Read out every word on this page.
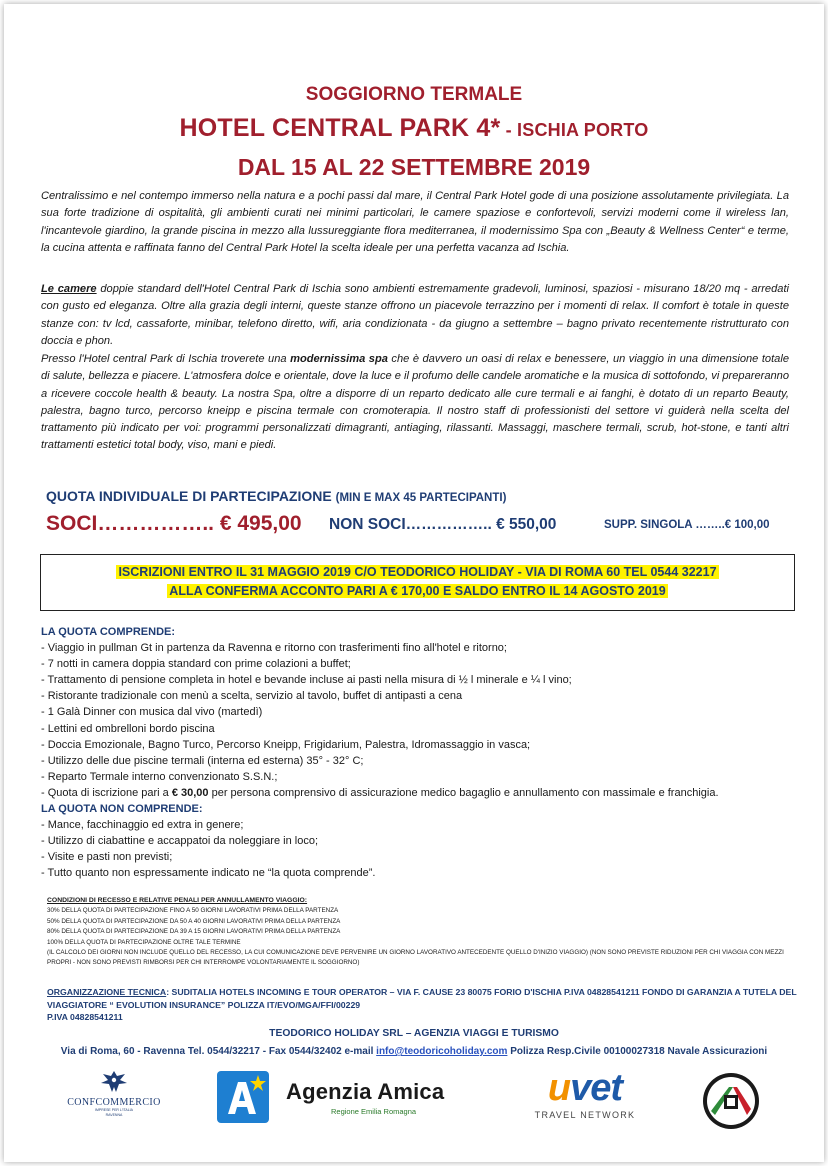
SOGGIORNO TERMALE
HOTEL CENTRAL PARK 4* - ISCHIA PORTO
DAL 15 AL 22 SETTEMBRE 2019

Centralissimo e nel contempo immerso nella natura e a pochi passi dal mare, il Central Park Hotel gode di una posizione assolutamente privilegiata. La sua forte tradizione di ospitalità, gli ambienti curati nei minimi particolari, le camere spaziose e confortevoli, servizi moderni come il wireless lan, l'incantevole giardino, la grande piscina in mezzo alla lussureggiante flora mediterranea, il modernissimo Spa con „Beauty & Wellness Center“ e terme, la cucina attenta e raffinata fanno del Central Park Hotel la scelta ideale per una perfetta vacanza ad Ischia.

Le camere doppie standard dell'Hotel Central Park di Ischia sono ambienti estremamente gradevoli, luminosi, spaziosi - misurano 18/20 mq - arredati con gusto ed eleganza. Oltre alla grazia degli interni, queste stanze offrono un piacevole terrazzino per i momenti di relax. Il comfort è totale in queste stanze con: tv lcd, cassaforte, minibar, telefono diretto, wifi, aria condizionata - da giugno a settembre – bagno privato recentemente ristrutturato con doccia e phon.

Presso l'Hotel central Park di Ischia troverete una modernissima spa che è davvero un oasi di relax e benessere, un viaggio in una dimensione totale di salute, bellezza e piacere. L'atmosfera dolce e orientale, dove la luce e il profumo delle candele aromatiche e la musica di sottofondo, vi prepareranno a ricevere coccole health & beauty. La nostra Spa, oltre a disporre di un reparto dedicato alle cure termali e ai fanghi, è dotato di un reparto Beauty, palestra, bagno turco, percorso kneipp e piscina termale con cromoterapia. Il nostro staff di professionisti del settore vi guiderà nella scelta del trattamento più indicato per voi: programmi personalizzati dimagranti, antiaging, rilassanti. Massaggi, maschere termali, scrub, hot-stone, e tanti altri trattamenti estetici total body, viso, mani e piedi.

QUOTA INDIVIDUALE DI PARTECIPAZIONE (MIN E MAX 45 PARTECIPANTI)
SOCI…………….. € 495,00 NON SOCI…………….. € 550,00	SUPP. SINGOLA ……..€ 100,00
ISCRIZIONI ENTRO IL 31 MAGGIO 2019 C/O TEODORICO HOLIDAY - VIA DI ROMA 60 TEL 0544 32217
ALLA CONFERMA ACCONTO PARI A € 170,00 E SALDO ENTRO IL 14 AGOSTO 2019
LA QUOTA COMPRENDE:
- Viaggio in pullman Gt in partenza da Ravenna e ritorno con trasferimenti fino all'hotel e ritorno;
- 7 notti in camera doppia standard con prime colazioni a buffet;
- Trattamento di pensione completa in hotel e bevande incluse ai pasti nella misura di ½ l minerale e ¼ l vino;
- Ristorante tradizionale con menù a scelta, servizio al tavolo, buffet di antipasti a cena
- 1 Galà Dinner con musica dal vivo (martedì)
- Lettini ed ombrelloni bordo piscina
- Doccia Emozionale, Bagno Turco, Percorso Kneipp, Frigidarium, Palestra, Idromassaggio in vasca;
- Utilizzo delle due piscine termali (interna ed esterna) 35° - 32° C;
- Reparto Termale interno convenzionato S.S.N.;
- Quota di iscrizione pari a € 30,00 per persona comprensivo di assicurazione medico bagaglio e annullamento con massimale e franchigia.
LA QUOTA NON COMPRENDE:
- Mance, facchinaggio ed extra in genere;
- Utilizzo di ciabattine e accappatoi da noleggiare in loco;
- Visite e pasti non previsti;
- Tutto quanto non espressamente indicato ne “la quota comprende”.
CONDIZIONI DI RECESSO E RELATIVE PENALI PER ANNULLAMENTO VIAGGIO:
30% DELLA QUOTA DI PARTECIPAZIONE FINO A 50 GIORNI LAVORATIVI PRIMA DELLA PARTENZA
50% DELLA QUOTA DI PARTECIPAZIONE DA 50 A 40 GIORNI LAVORATIVI PRIMA DELLA PARTENZA
80% DELLA QUOTA DI PARTECIPAZIONE DA 39 A 15 GIORNI LAVORATIVI PRIMA DELLA PARTENZA
100% DELLA QUOTA DI PARTECIPAZIONE OLTRE TALE TERMINE
(IL CALCOLO DEI GIORNI NON INCLUDE QUELLO DEL RECESSO, LA CUI COMUNICAZIONE DEVE PERVENIRE UN GIORNO LAVORATIVO ANTECEDENTE QUELLO D'INIZIO VIAGGIO) (NON SONO PREVISTE RIDUZIONI PER CHI VIAGGIA CON MEZZI PROPRI - NON SONO PREVISTI RIMBORSI PER CHI INTERROMPE VOLONTARIAMENTE IL SOGGIORNO)
ORGANIZZAZIONE TECNICA: SUDITALIA HOTELS INCOMING E TOUR OPERATOR – VIA F. CAUSE 23 80075 FORIO D'ISCHIA P.IVA 04828541211 FONDO DI GARANZIA A TUTELA DEL VIAGGIATORE “ EVOLUTION INSURANCE” POLIZZA IT/EVO/MGA/FFI/00229
P.IVA 04828541211
TEODORICO HOLIDAY SRL – AGENZIA VIAGGI E TURISMO
Via di Roma, 60 - Ravenna Tel. 0544/32217 - Fax 0544/32402 e-mail info@teodoricoholiday.com Polizza Resp.Civile 00100027318 Navale Assicurazioni
CONFCOMMERCIO
IMPRESE PER L'ITALIA
RAVENNA
Agenzia Amica
Regione Emilia Romagna
uvet
TRAVEL NETWORK
